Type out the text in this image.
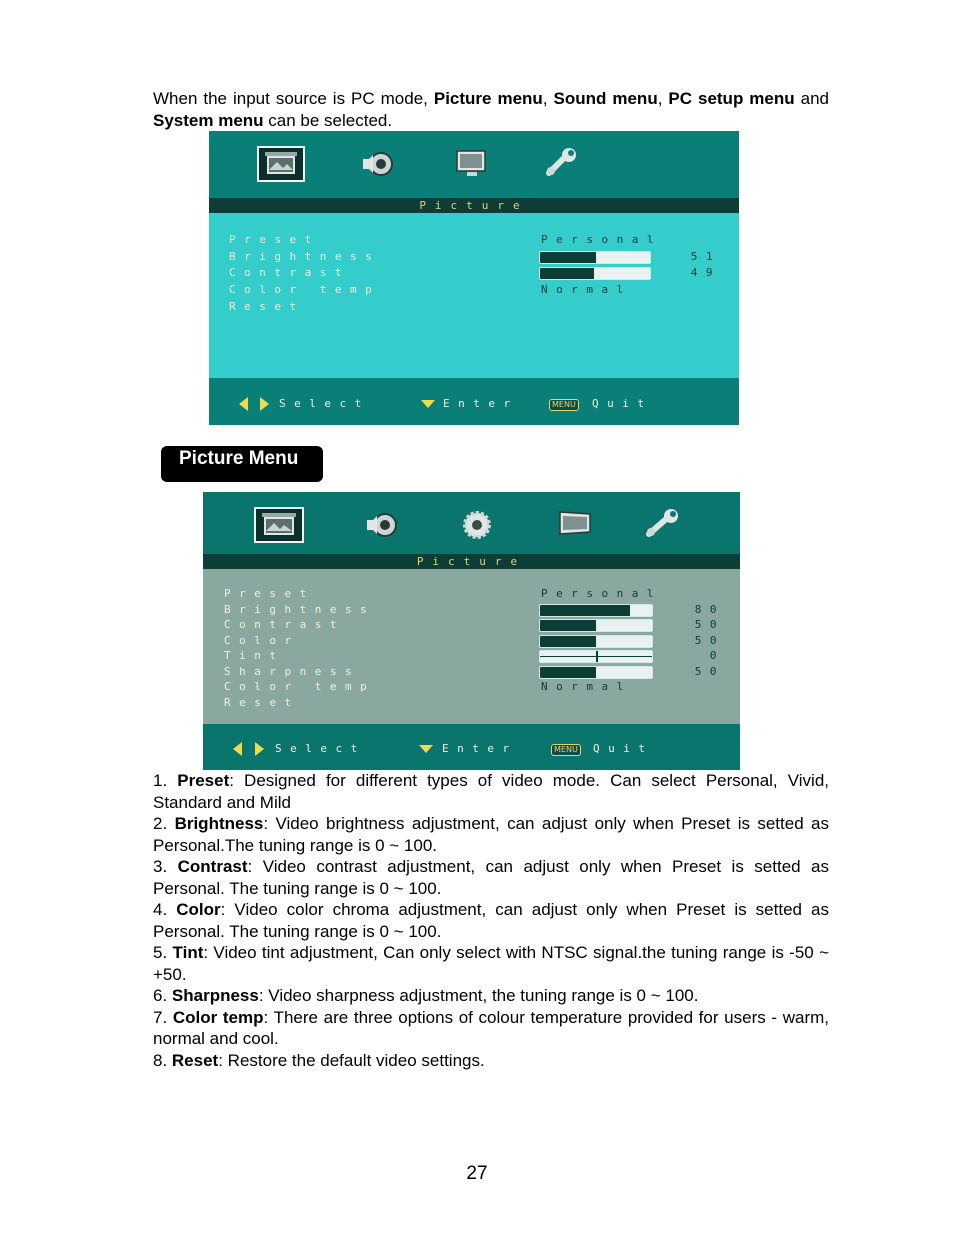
When the input source is PC mode, Picture menu, Sound menu, PC setup menu and System menu can be selected.
Picture
Select	Enter	MENU Quit
Preset	Personal
Brightness	51
Contrast	49
Color temp	Normal
Reset
Picture Menu
Picture
Select	Enter	MENU Quit
Preset	Personal
Brightness	80
Contrast	50
Color	50
Tint	0
Sharpness	50
Color temp	Normal
Reset

1. Preset: Designed for different types of video mode. Can select Personal, Vivid, Standard and Mild

2. Brightness: Video brightness adjustment, can adjust only when Preset is setted as Personal.The tuning range is 0 ~ 100.

3. Contrast: Video contrast adjustment, can adjust only when Preset is setted as Personal. The tuning range is 0 ~ 100.

4. Color: Video color chroma adjustment, can adjust only when Preset is setted as Personal. The tuning range is 0 ~ 100.

5. Tint: Video tint adjustment, Can only select with NTSC signal.the tuning range is -50 ~ +50.

6. Sharpness: Video sharpness adjustment, the tuning range is 0 ~ 100.

7. Color temp: There are three options of colour temperature provided for users - warm, normal and cool.

8. Reset: Restore the default video settings.

27
